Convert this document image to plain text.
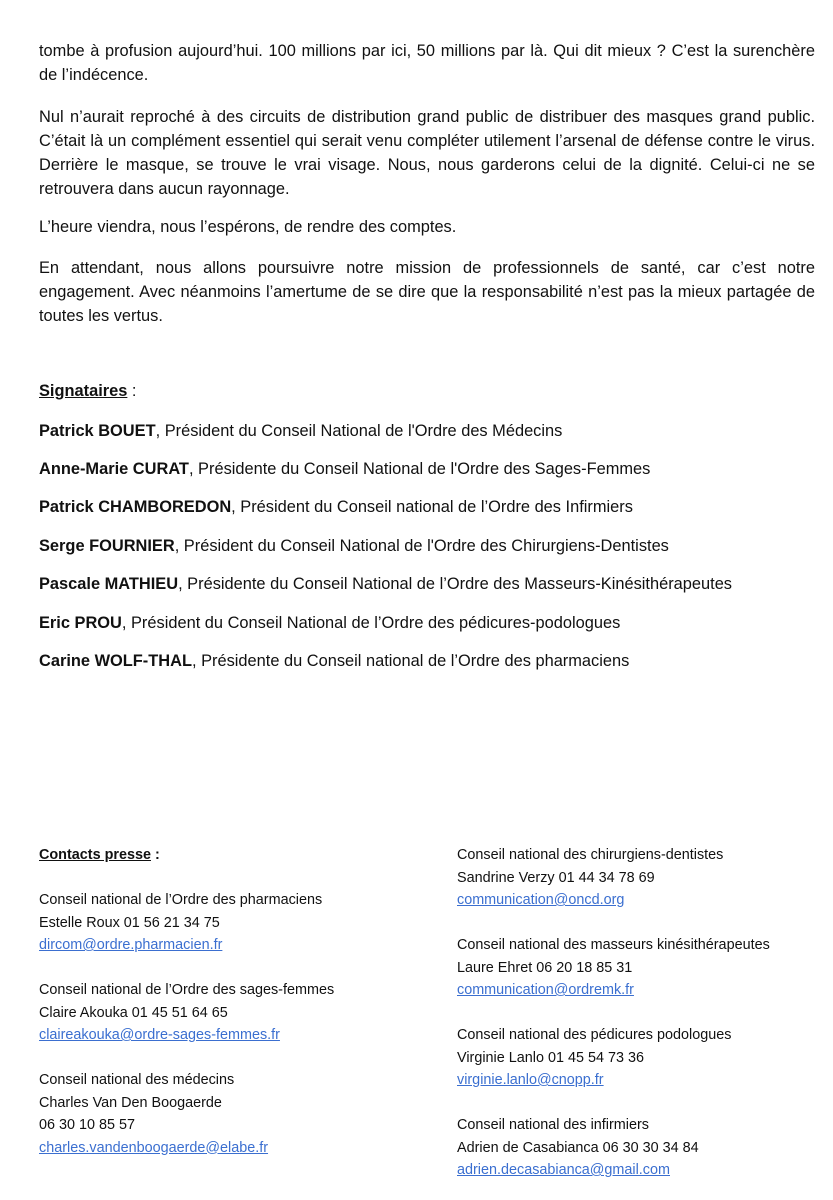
tombe à profusion aujourd’hui. 100 millions par ici, 50 millions par là. Qui dit mieux ? C’est la surenchère de l’indécence.

Nul n’aurait reproché à des circuits de distribution grand public de distribuer des masques grand public. C’était là un complément essentiel qui serait venu compléter utilement l’arsenal de défense contre le virus. Derrière le masque, se trouve le vrai visage. Nous, nous garderons celui de la dignité. Celui-ci ne se retrouvera dans aucun rayonnage.

L’heure viendra, nous l’espérons, de rendre des comptes.

En attendant, nous allons poursuivre notre mission de professionnels de santé, car c’est notre engagement. Avec néanmoins l’amertume de se dire que la responsabilité n’est pas la mieux partagée de toutes les vertus.

Signataires :
Patrick BOUET, Président du Conseil National de l'Ordre des Médecins
Anne-Marie CURAT, Présidente du Conseil National de l'Ordre des Sages-Femmes
Patrick CHAMBOREDON, Président du Conseil national de l’Ordre des Infirmiers
Serge FOURNIER, Président du Conseil National de l'Ordre des Chirurgiens-Dentistes
Pascale MATHIEU, Présidente du Conseil National de l’Ordre des Masseurs-Kinésithérapeutes
Eric PROU, Président du Conseil National de l’Ordre des pédicures-podologues
Carine WOLF-THAL, Présidente du Conseil national de l’Ordre des pharmaciens
Contacts presse :
Conseil national de l’Ordre des pharmaciens
Estelle Roux 01 56 21 34 75
dircom@ordre.pharmacien.fr
Conseil national de l’Ordre des sages-femmes
Claire Akouka 01 45 51 64 65
claireakouka@ordre-sages-femmes.fr
Conseil national des médecins
Charles Van Den Boogaerde
06 30 10 85 57
charles.vandenboogaerde@elabe.fr
Conseil national des chirurgiens-dentistes
Sandrine Verzy 01 44 34 78 69
communication@oncd.org
Conseil national des masseurs kinésithérapeutes
Laure Ehret 06 20 18 85 31
communication@ordremk.fr
Conseil national des pédicures podologues
Virginie Lanlo 01 45 54 73 36
virginie.lanlo@cnopp.fr
Conseil national des infirmiers
Adrien de Casabianca 06 30 30 34 84
adrien.decasabianca@gmail.com
